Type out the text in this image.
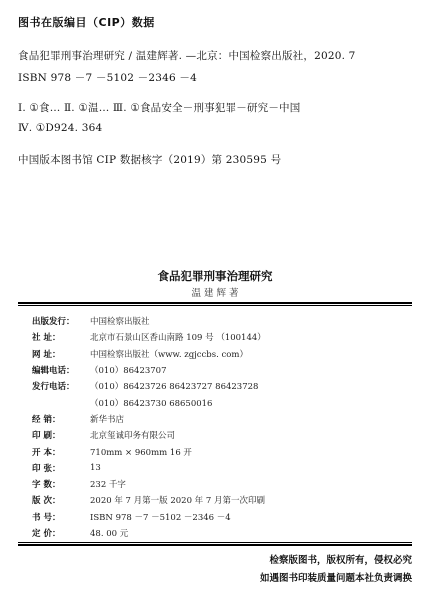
图书在版编目（CIP）数据
食品犯罪刑事治理研究 / 温建辉著. —北京：中国检察出版社，2020. 7
ISBN 978 －7 －5102 －2346 －4
Ⅰ. ①食… Ⅱ. ①温… Ⅲ. ①食品安全－刑事犯罪－研究－中国
Ⅳ. ①D924. 364
中国版本图书馆 CIP 数据核字（2019）第 230595 号
食品犯罪刑事治理研究
温 建 辉 著
出版发行：	中国检察出版社
社 址：	北京市石景山区香山南路 109 号 （100144）
网 址：	中国检察出版社（www. zgjccbs. com）
编辑电话：	（010）86423707
发行电话：	（010）86423726 86423727 86423728
（010）86423730 68650016
经 销：	新华书店
印 刷：	北京玺诚印务有限公司
开 本：	710mm × 960mm 16 开
印 张：	13
字 数：	232 千字
版 次：	2020 年 7 月第一版 2020 年 7 月第一次印刷
书 号：	ISBN 978 －7 －5102 －2346 －4
定 价：	48. 00 元
检察版图书，版权所有，侵权必究
如遇图书印装质量问题本社负责调换
